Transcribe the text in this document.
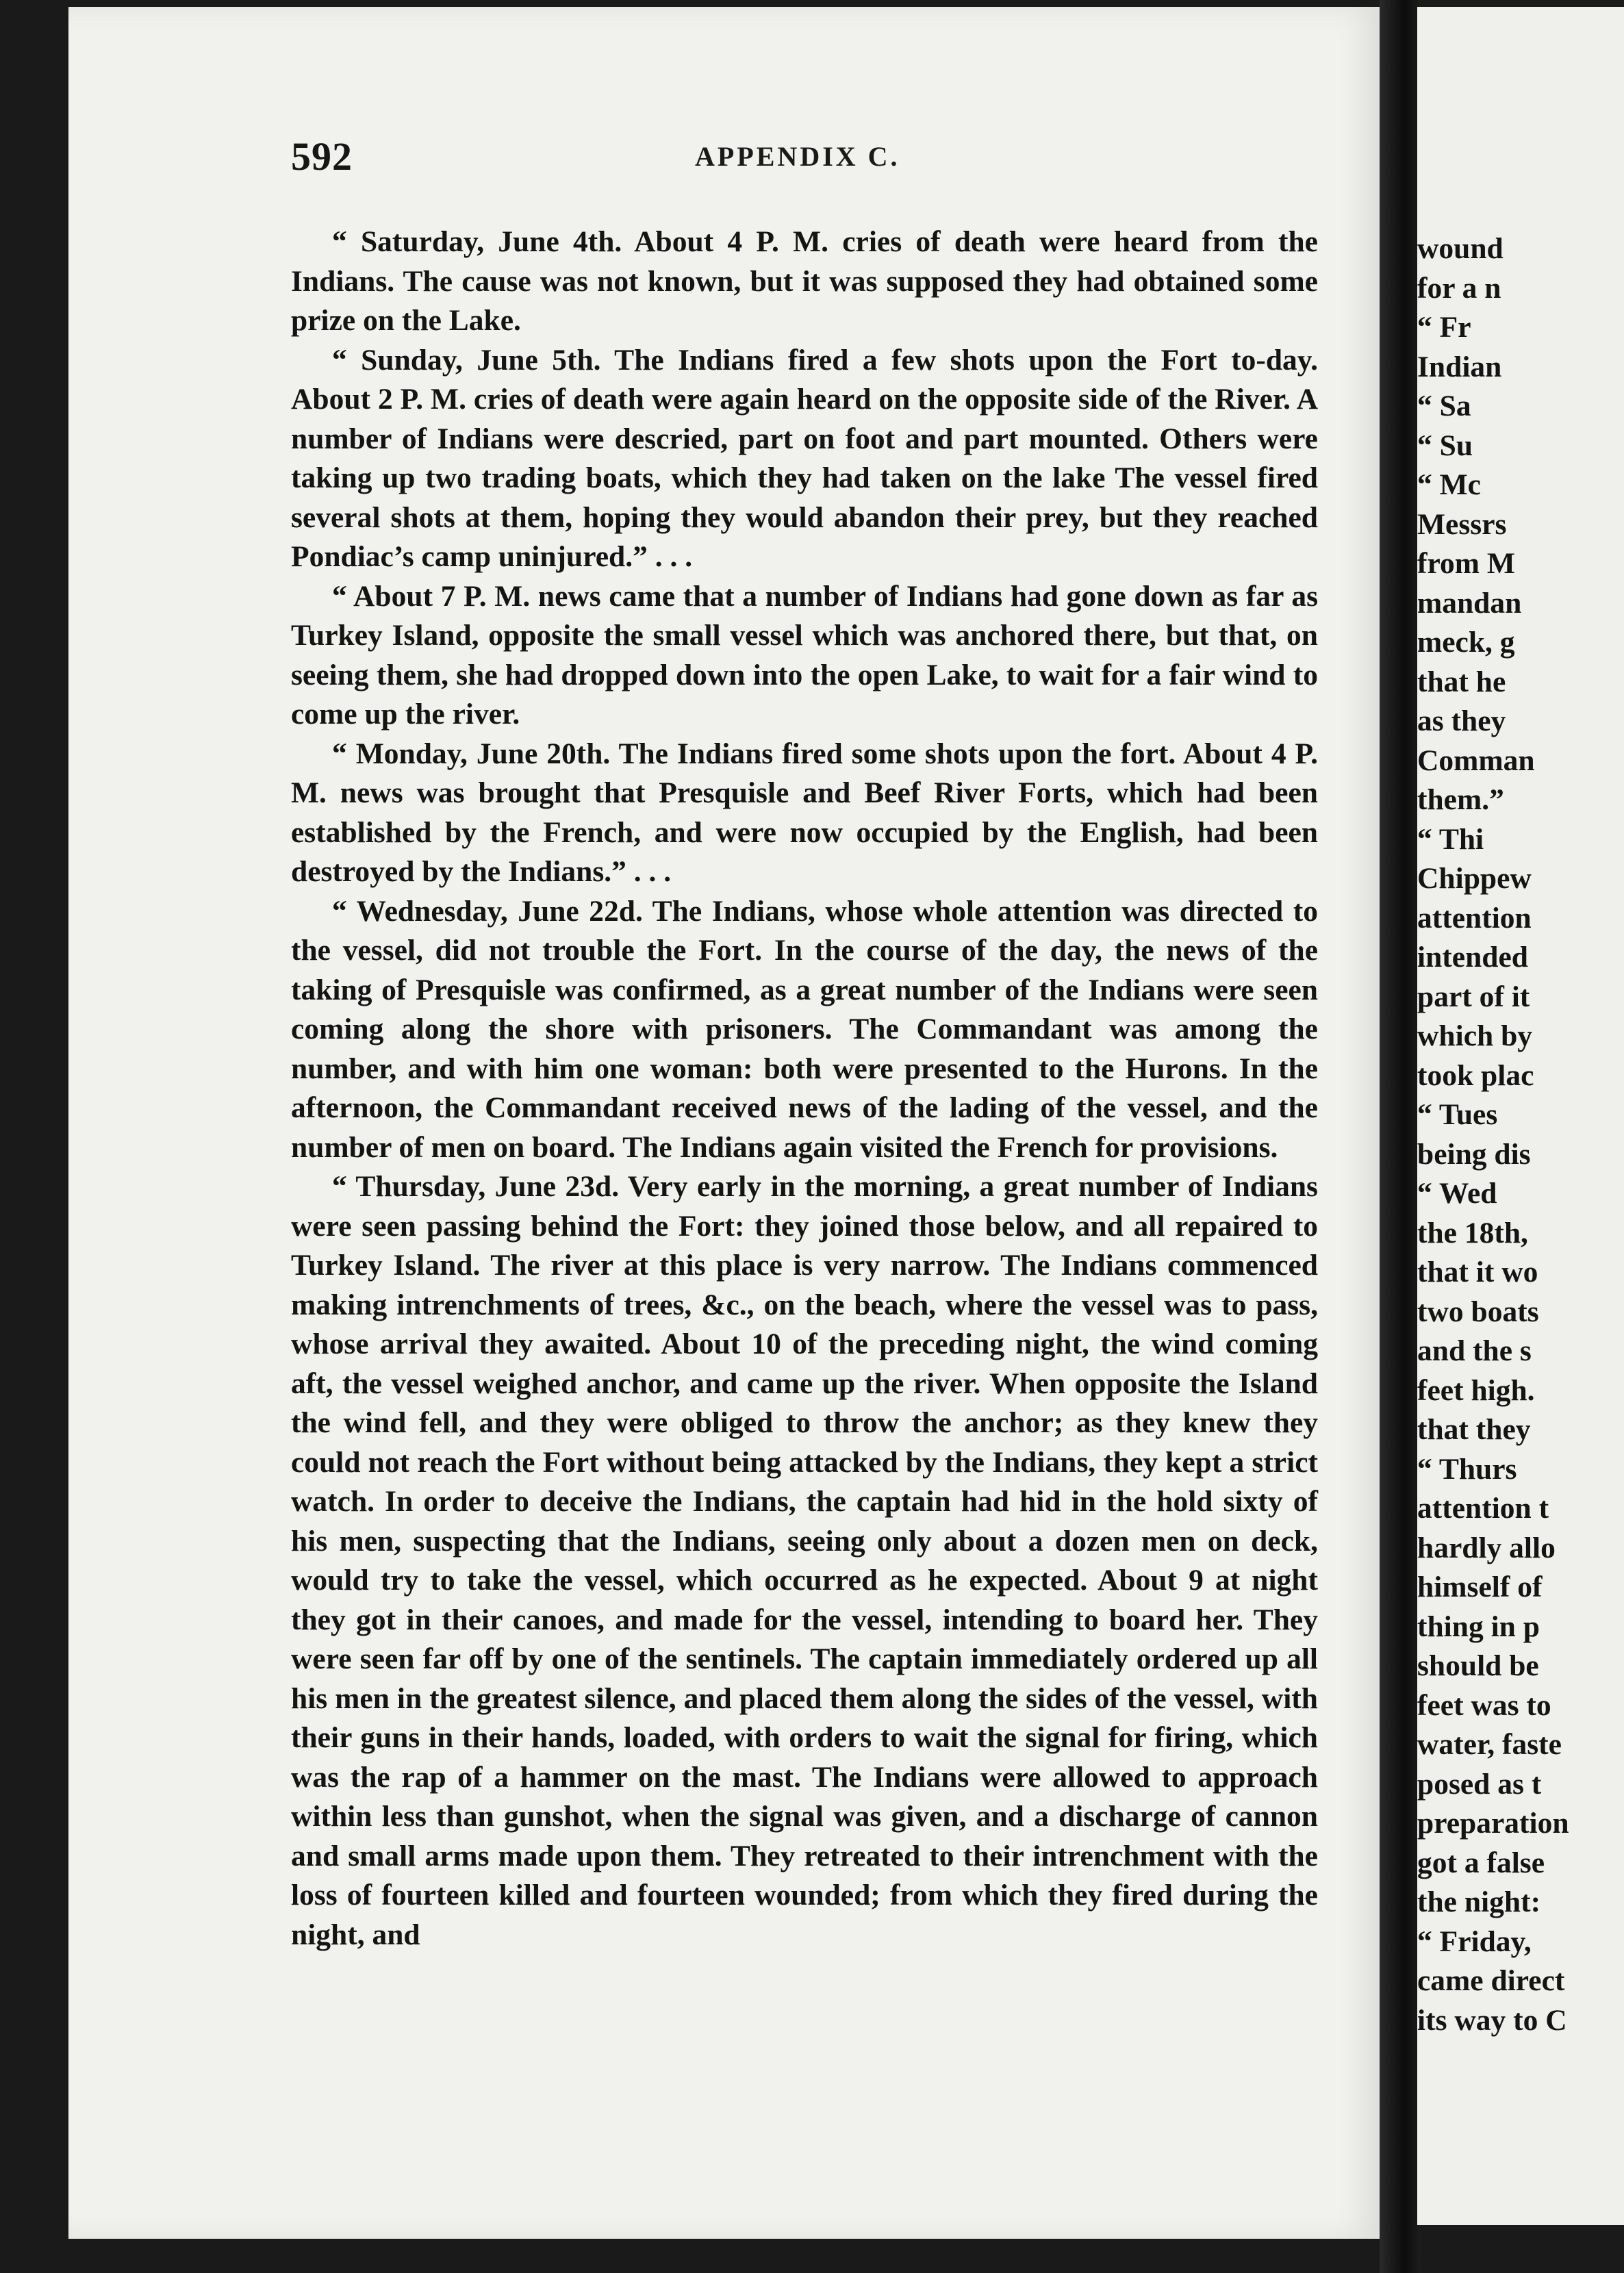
wound
for a n
“ Fr
Indian
“ Sa
“ Su
“ Mc
Messrs
from M
mandan
meck, g
that he
as they
Comman
them.”
“ Thi
Chippew
attention
intended
part of it
which by
took plac
“ Tues
being dis
“ Wed
the 18th,
that it wo
two boats
and the s
feet high.
that they
“ Thurs
attention t
hardly allo
himself of
thing in p
should be
feet was to
water, faste
posed as t
preparation
got a false
the night:
“ Friday,
came direct
its way to C
592	APPENDIX C.

“ Saturday, June 4th. About 4 P. M. cries of death were heard from the Indians. The cause was not known, but it was supposed they had obtained some prize on the Lake.

“ Sunday, June 5th. The Indians fired a few shots upon the Fort to-day. About 2 P. M. cries of death were again heard on the opposite side of the River. A number of Indians were descried, part on foot and part mounted. Others were taking up two trading boats, which they had taken on the lake The vessel fired several shots at them, hoping they would abandon their prey, but they reached Pondiac’s camp uninjured.” . . .

“ About 7 P. M. news came that a number of Indians had gone down as far as Turkey Island, opposite the small vessel which was anchored there, but that, on seeing them, she had dropped down into the open Lake, to wait for a fair wind to come up the river.

“ Monday, June 20th. The Indians fired some shots upon the fort. About 4 P. M. news was brought that Presquisle and Beef River Forts, which had been established by the French, and were now occupied by the English, had been destroyed by the Indians.” . . .

“ Wednesday, June 22d. The Indians, whose whole attention was directed to the vessel, did not trouble the Fort. In the course of the day, the news of the taking of Presquisle was confirmed, as a great number of the Indians were seen coming along the shore with prisoners. The Commandant was among the number, and with him one woman: both were presented to the Hurons. In the afternoon, the Commandant received news of the lading of the vessel, and the number of men on board. The Indians again visited the French for provisions.

“ Thursday, June 23d. Very early in the morning, a great number of Indians were seen passing behind the Fort: they joined those below, and all repaired to Turkey Island. The river at this place is very narrow. The Indians commenced making intrenchments of trees, &c., on the beach, where the vessel was to pass, whose arrival they awaited. About 10 of the preceding night, the wind coming aft, the vessel weighed anchor, and came up the river. When opposite the Island the wind fell, and they were obliged to throw the anchor; as they knew they could not reach the Fort without being attacked by the Indians, they kept a strict watch. In order to deceive the Indians, the captain had hid in the hold sixty of his men, suspecting that the Indians, seeing only about a dozen men on deck, would try to take the vessel, which occurred as he expected. About 9 at night they got in their canoes, and made for the vessel, intending to board her. They were seen far off by one of the sentinels. The captain immediately ordered up all his men in the greatest silence, and placed them along the sides of the vessel, with their guns in their hands, loaded, with orders to wait the signal for firing, which was the rap of a hammer on the mast. The Indians were allowed to approach within less than gunshot, when the signal was given, and a discharge of cannon and small arms made upon them. They retreated to their intrenchment with the loss of fourteen killed and fourteen wounded; from which they fired during the night, and
